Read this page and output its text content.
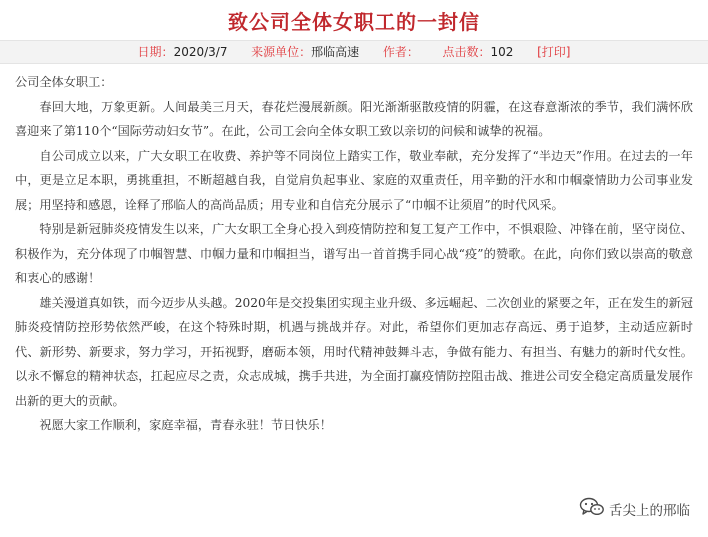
致公司全体女职工的一封信
日期：2020/3/7 来源单位：邢临高速 作者： 点击数：102 [打印]

公司全体女职工：

春回大地，万象更新。人间最美三月天，春花烂漫展新颜。阳光渐渐驱散疫情的阴霾，在这春意渐浓的季节，我们满怀欣喜迎来了第110个“国际劳动妇女节”。在此，公司工会向全体女职工致以亲切的问候和诚挚的祝福。

自公司成立以来，广大女职工在收费、养护等不同岗位上踏实工作，敬业奉献，充分发挥了“半边天”作用。在过去的一年中，更是立足本职，勇挑重担，不断超越自我，自觉肩负起事业、家庭的双重责任，用辛勤的汗水和巾帼豪情助力公司事业发展；用坚持和感恩，诠释了邢临人的高尚品质；用专业和自信充分展示了“巾帼不让须眉”的时代风采。

特别是新冠肺炎疫情发生以来，广大女职工全身心投入到疫情防控和复工复产工作中，不惧艰险、冲锋在前，坚守岗位、积极作为，充分体现了巾帼智慧、巾帼力量和巾帼担当，谱写出一首首携手同心战“疫”的赞歌。在此，向你们致以崇高的敬意和衷心的感谢！

雄关漫道真如铁，而今迈步从头越。2020年是交投集团实现主业升级、多远崛起、二次创业的紧要之年，正在发生的新冠肺炎疫情防控形势依然严峻，在这个特殊时期，机遇与挑战并存。对此，希望你们更加志存高远、勇于追梦，主动适应新时代、新形势、新要求，努力学习，开拓视野，磨砺本领，用时代精神鼓舞斗志，争做有能力、有担当、有魅力的新时代女性。以永不懈怠的精神状态，扛起应尽之责，众志成城，携手共进，为全面打赢疫情防控阻击战、推进公司安全稳定高质量发展作出新的更大的贡献。

祝愿大家工作顺利，家庭幸福，青春永驻！节日快乐！

舌尖上的邢临
